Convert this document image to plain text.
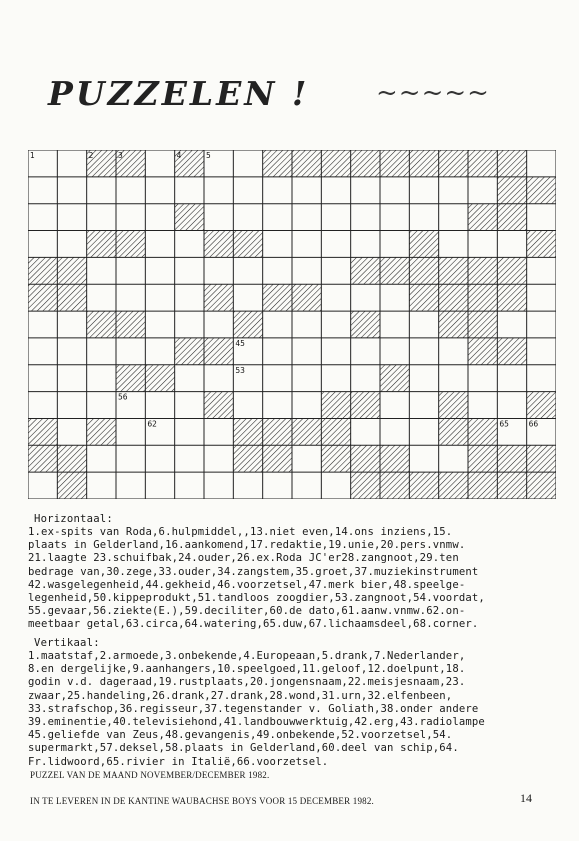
PUZZELEN !	~~~~~
1	2	3	4	5
45
53
56
62	65	66
Horizontaal:
1.ex-spits van Roda,6.hulpmiddel,,13.niet even,14.ons inziens,15.
plaats in Gelderland,16.aankomend,17.redaktie,19.unie,20.pers.vnmw.
21.laagte 23.schuifbak,24.ouder,26.ex.Roda JC'er28.zangnoot,29.ten
bedrage van,30.zege,33.ouder,34.zangstem,35.groet,37.muziekinstrument
42.wasgelegenheid,44.gekheid,46.voorzetsel,47.merk bier,48.speelge-
legenheid,50.kippeprodukt,51.tandloos zoogdier,53.zangnoot,54.voordat,
55.gevaar,56.ziekte(E.),59.deciliter,60.de dato,61.aanw.vnmw.62.on-
meetbaar getal,63.circa,64.watering,65.duw,67.lichaamsdeel,68.corner.
Vertikaal:
1.maatstaf,2.armoede,3.onbekende,4.Europeaan,5.drank,7.Nederlander,
8.en dergelijke,9.aanhangers,10.speelgoed,11.geloof,12.doelpunt,18.
godin v.d. dageraad,19.rustplaats,20.jongensnaam,22.meisjesnaam,23.
zwaar,25.handeling,26.drank,27.drank,28.wond,31.urn,32.elfenbeen,
33.strafschop,36.regisseur,37.tegenstander v. Goliath,38.onder andere
39.eminentie,40.televisiehond,41.landbouwwerktuig,42.erg,43.radiolampe
45.geliefde van Zeus,48.gevangenis,49.onbekende,52.voorzetsel,54.
supermarkt,57.deksel,58.plaats in Gelderland,60.deel van schip,64.
Fr.lidwoord,65.rivier in Italië,66.voorzetsel.
PUZZEL VAN DE MAAND NOVEMBER/DECEMBER 1982.
IN TE LEVEREN IN DE KANTINE WAUBACHSE BOYS VOOR 15 DECEMBER 1982.	14
